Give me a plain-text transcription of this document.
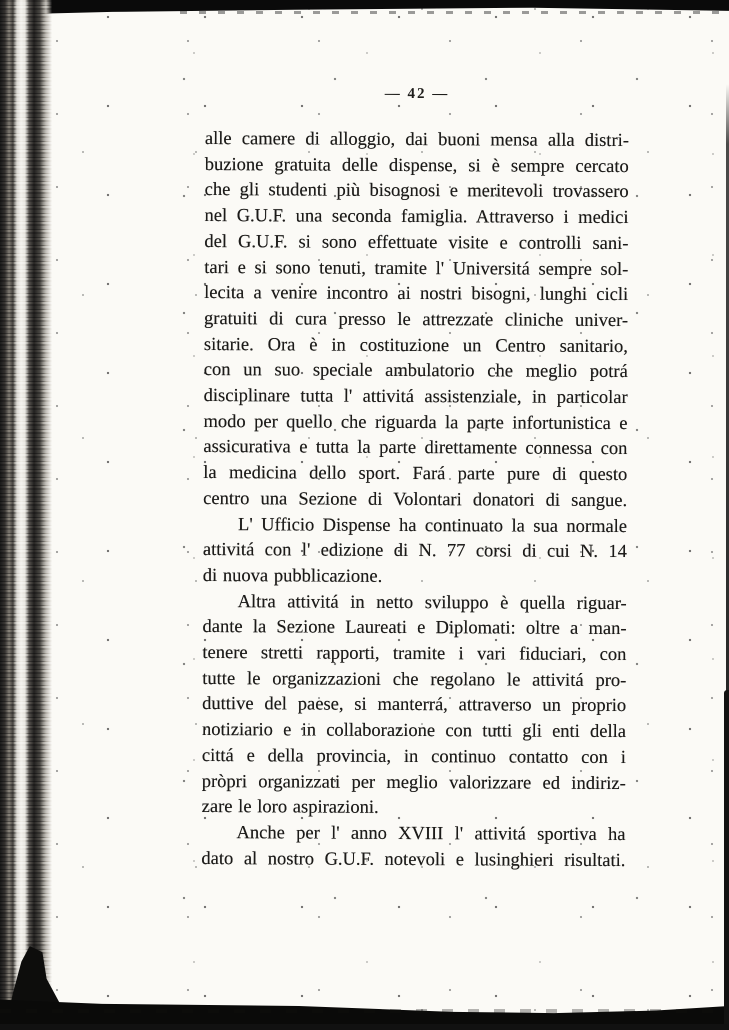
— 42 —
alle camere di alloggio, dai buoni mensa alla distri-
buzione gratuita delle dispense, si è sempre cercato
che gli studenti più bisognosi e meritevoli trovassero
nel G.U.F. una seconda famiglia. Attraverso i medici
del G.U.F. si sono effettuate visite e controlli sani-
tari e si sono tenuti, tramite l' Universitá sempre sol-
lecita a venire incontro ai nostri bisogni, lunghi cicli
gratuiti di cura presso le attrezzate cliniche univer-
sitarie. Ora è in costituzione un Centro sanitario,
con un suo speciale ambulatorio che meglio potrá
disciplinare tutta l' attivitá assistenziale, in particolar
modo per quello che riguarda la parte infortunistica e
assicurativa e tutta la parte direttamente connessa con
la medicina dello sport. Fará parte pure di questo
centro una Sezione di Volontari donatori di sangue.
L' Ufficio Dispense ha continuato la sua normale
attivitá con l' edizione di N. 77 corsi di cui N. 14
di nuova pubblicazione.
Altra attivitá in netto sviluppo è quella riguar-
dante la Sezione Laureati e Diplomati: oltre a man-
tenere stretti rapporti, tramite i vari fiduciari, con
tutte le organizzazioni che regolano le attivitá pro-
duttive del paese, si manterrá, attraverso un proprio
notiziario e in collaborazione con tutti gli enti della
cittá e della provincia, in continuo contatto con i
pròpri organizzati per meglio valorizzare ed indiriz-
zare le loro aspirazioni.
Anche per l' anno XVIII l' attivitá sportiva ha
dato al nostro G.U.F. notevoli e lusinghieri risultati.
